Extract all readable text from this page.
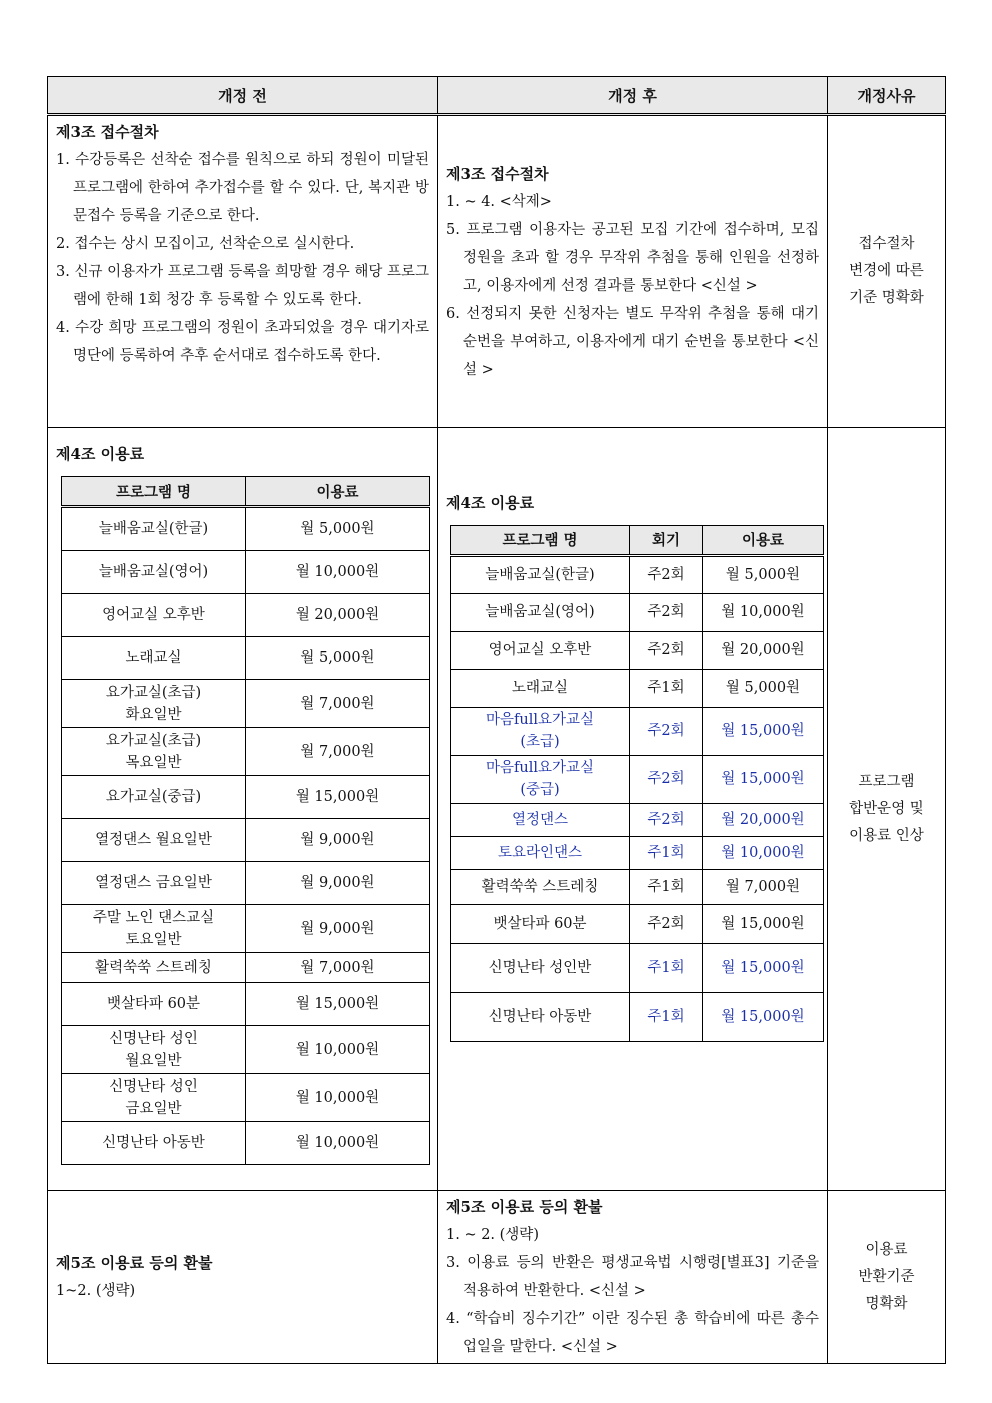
개정 전	개정 후	개정사유

제3조 접수절차
1. 수강등록은 선착순 접수를 원칙으로 하되 정원이 미달된 프로그램에 한하여 추가접수를 할 수 있다. 단, 복지관 방문접수 등록을 기준으로 한다.
2. 접수는 상시 모집이고, 선착순으로 실시한다.
3. 신규 이용자가 프로그램 등록을 희망할 경우 해당 프로그램에 한해 1회 청강 후 등록할 수 있도록 한다.
4. 수강 희망 프로그램의 정원이 초과되었을 경우 대기자로 명단에 등록하여 추후 순서대로 접수하도록 한다.

제3조 접수절차
1. ~ 4. <삭제>
5. 프로그램 이용자는 공고된 모집 기간에 접수하며, 모집 정원을 초과 할 경우 무작위 추첨을 통해 인원을 선정하고, 이용자에게 선정 결과를 통보한다 <신설 >
6. 선정되지 못한 신청자는 별도 무작위 추첨을 통해 대기 순번을 부여하고, 이용자에게 대기 순번을 통보한다 <신설 >

접수절차
변경에 따른
기준 명확화

제4조 이용료
프로그램 명	이용료
늘배움교실(한글)	월 5,000원
늘배움교실(영어)	월 10,000원
영어교실 오후반	월 20,000원
노래교실	월 5,000원
요가교실(초급)
화요일반	월 7,000원
요가교실(초급)
목요일반	월 7,000원
요가교실(중급)	월 15,000원
열정댄스 월요일반	월 9,000원
열정댄스 금요일반	월 9,000원
주말 노인 댄스교실
토요일반	월 9,000원
활력쑥쑥 스트레칭	월 7,000원
뱃살타파 60분	월 15,000원
신명난타 성인
월요일반	월 10,000원
신명난타 성인
금요일반	월 10,000원
신명난타 아동반	월 10,000원

제4조 이용료
프로그램 명	회기	이용료
늘배움교실(한글)	주2회	월 5,000원
늘배움교실(영어)	주2회	월 10,000원
영어교실 오후반	주2회	월 20,000원
노래교실	주1회	월 5,000원
마음full요가교실
(초급)	주2회	월 15,000원
마음full요가교실
(중급)	주2회	월 15,000원
열정댄스	주2회	월 20,000원
토요라인댄스	주1회	월 10,000원
활력쑥쑥 스트레칭	주1회	월 7,000원
뱃살타파 60분	주2회	월 15,000원
신명난타 성인반	주1회	월 15,000원
신명난타 아동반	주1회	월 15,000원

프로그램
합반운영 및
이용료 인상

제5조 이용료 등의 환불
1~2. (생략)

제5조 이용료 등의 환불
1. ~ 2. (생략)
3. 이용료 등의 반환은 평생교육법 시행령[별표3] 기준을 적용하여 반환한다. <신설 >
4. “학습비 징수기간” 이란 징수된 총 학습비에 따른 총수업일을 말한다. <신설 >

이용료
반환기준
명확화
